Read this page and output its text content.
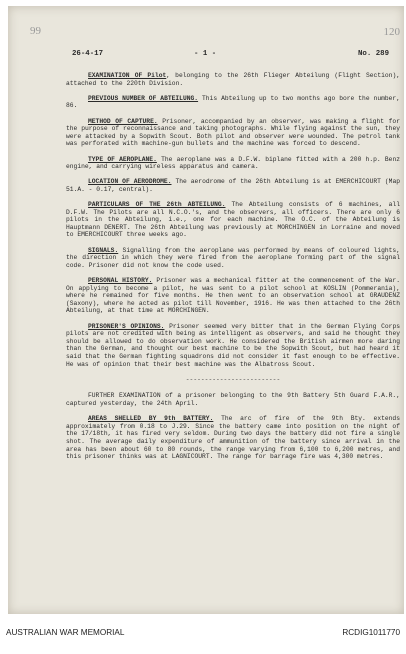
99	120
26-4-17	- 1 -	No. 289

EXAMINATION OF Pilot, belonging to the 26th Flieger Abteilung (Flight Section), attached to the 220th Division.

PREVIOUS NUMBER OF ABTEILUNG. This Abteilung up to two months ago bore the number, 86.

METHOD OF CAPTURE. Prisoner, accompanied by an observer, was making a flight for the purpose of reconnaissance and taking photographs. While flying against the sun, they were attacked by a Sopwith Scout. Both pilot and observer were wounded. The petrol tank was perforated with machine-gun bullets and the machine was forced to descend.

TYPE OF AEROPLANE. The aeroplane was a D.F.W. biplane fitted with a 200 h.p. Benz engine, and carrying wireless apparatus and camera.

LOCATION OF AERODROME. The aerodrome of the 26th Abteilung is at EMERCHICOURT (Map 51.A. - 0.17, central).

PARTICULARS OF THE 26th ABTEILUNG. The Abteilung consists of 6 machines, all D.F.W. The Pilots are all N.C.O.'s, and the observers, all officers. There are only 6 pilots in the Abteilung, i.e., one for each machine. The O.C. of the Abteilung is Hauptmann DENERT. The 26th Abteilung was previously at MORCHINGEN in Lorraine and moved to EMERCHICOURT three weeks ago.

SIGNALS. Signalling from the aeroplane was performed by means of coloured lights, the direction in which they were fired from the aeroplane forming part of the signal code. Prisoner did not know the code used.

PERSONAL HISTORY. Prisoner was a mechanical fitter at the commencement of the War. On applying to become a pilot, he was sent to a pilot school at KOSLIN (Pommerania), where he remained for five months. He then went to an observation school at GRAUDENZ (Saxony), where he acted as pilot till November, 1916. He was then attached to the 26th Abteilung, at that time at MORCHINGEN.

PRISONER'S OPINIONS. Prisoner seemed very bitter that in the German Flying Corps pilots are not credited with being as intelligent as observers, and said he thought they should be allowed to do observation work. He considered the British airmen more daring than the German, and thought our best machine to be the Sopwith Scout, but had heard it said that the German fighting squadrons did not consider it fast enough to be effective. He was of opinion that their best machine was the Albatross Scout.

-------------------------

FURTHER EXAMINATION of a prisoner belonging to the 9th Battery 5th Guard F.A.R., captured yesterday, the 24th April.

AREAS SHELLED BY 9th BATTERY. The arc of fire of the 9th Bty. extends approximately from 0.18 to J.29. Since the battery came into position on the night of the 17/18th, it has fired very seldom. During two days the battery did not fire a single shot. The average daily expenditure of ammunition of the battery since arrival in the area has been about 60 to 80 rounds, the range varying from 6,100 to 6,200 metres, and this prisoner thinks was at LAGNICOURT. The range for barrage fire was 4,300 metres.

AUSTRALIAN WAR MEMORIAL	RCDIG1011770
